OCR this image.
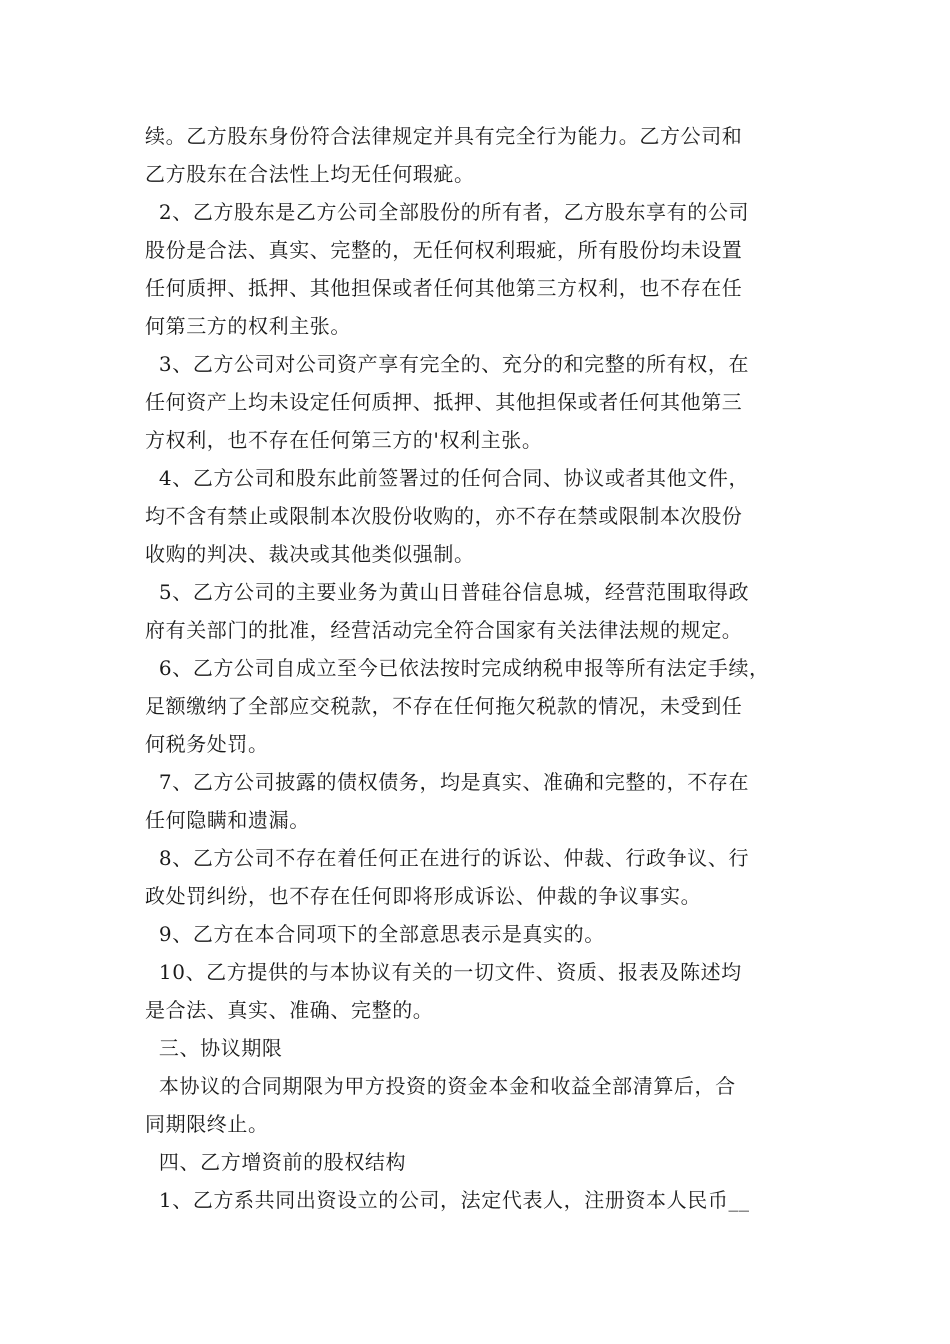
续。乙方股东身份符合法律规定并具有完全行为能力。乙方公司和
乙方股东在合法性上均无任何瑕疵。
2、乙方股东是乙方公司全部股份的所有者，乙方股东享有的公司
股份是合法、真实、完整的，无任何权利瑕疵，所有股份均未设置
任何质押、抵押、其他担保或者任何其他第三方权利，也不存在任
何第三方的权利主张。
3、乙方公司对公司资产享有完全的、充分的和完整的所有权，在
任何资产上均未设定任何质押、抵押、其他担保或者任何其他第三
方权利，也不存在任何第三方的'权利主张。
4、乙方公司和股东此前签署过的任何合同、协议或者其他文件，
均不含有禁止或限制本次股份收购的，亦不存在禁或限制本次股份
收购的判决、裁决或其他类似强制。
5、乙方公司的主要业务为黄山日普硅谷信息城，经营范围取得政
府有关部门的批准，经营活动完全符合国家有关法律法规的规定。
6、乙方公司自成立至今已依法按时完成纳税申报等所有法定手续，
足额缴纳了全部应交税款，不存在任何拖欠税款的情况，未受到任
何税务处罚。
7、乙方公司披露的债权债务，均是真实、准确和完整的，不存在
任何隐瞒和遗漏。
8、乙方公司不存在着任何正在进行的诉讼、仲裁、行政争议、行
政处罚纠纷，也不存在任何即将形成诉讼、仲裁的争议事实。
9、乙方在本合同项下的全部意思表示是真实的。
10、乙方提供的与本协议有关的一切文件、资质、报表及陈述均
是合法、真实、准确、完整的。
三、协议期限
本协议的合同期限为甲方投资的资金本金和收益全部清算后，合
同期限终止。
四、乙方增资前的股权结构
1、乙方系共同出资设立的公司，法定代表人，注册资本人民币__
